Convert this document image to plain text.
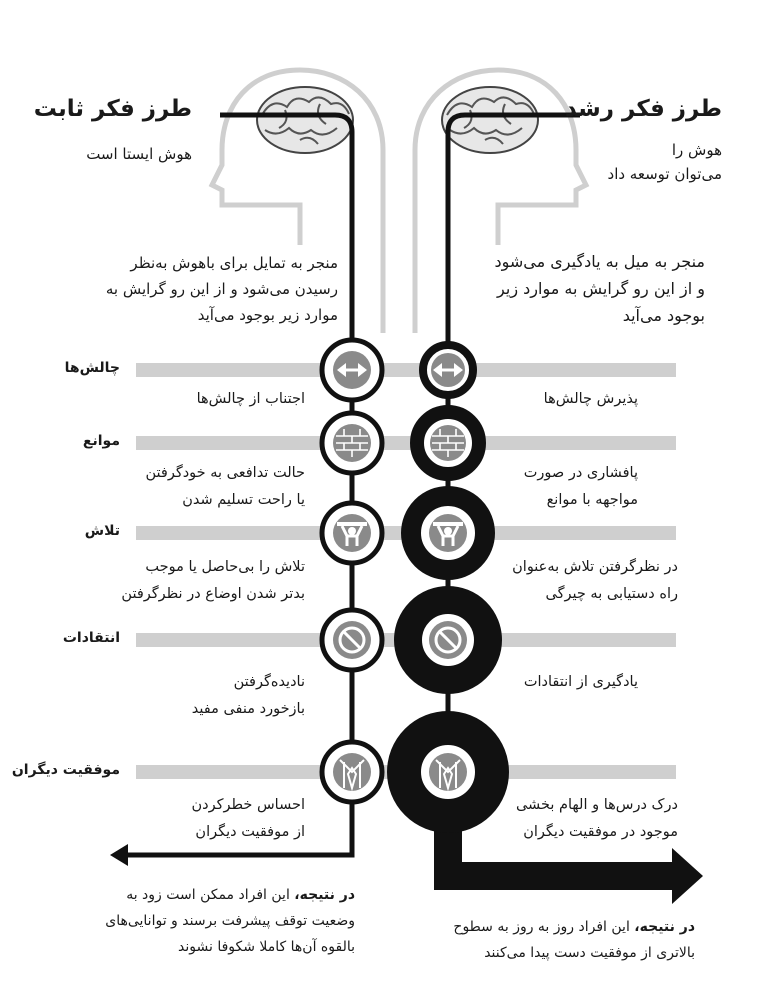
طرز فکر ثابت
هوش ایستا است
طرز فکر رشد
هوش را
می‌توان توسعه داد
منجر به تمایل برای باهوش به‌نظر
رسیدن می‌شود و از این رو گرایش به
موارد زیر بوجود می‌آید
منجر به میل به یادگیری می‌شود
و از این رو گرایش به موارد زیر
بوجود می‌آید
چالش‌ها
موانع
تلاش
انتقادات
موفقیت دیگران
اجتناب از چالش‌ها
حالت تدافعی به خودگرفتن
یا راحت تسلیم شدن
تلاش را بی‌حاصل یا موجب
بدتر شدن اوضاع در نظرگرفتن
نادیده‌گرفتن
بازخورد منفی مفید
احساس خطرکردن
از موفقیت دیگران
پذیرش چالش‌ها
پافشاری در صورت
مواجهه با موانع
در نظرگرفتن تلاش به‌عنوان
راه دستیابی به چیرگی
یادگیری از انتقادات
درک درس‌ها و الهام بخشی
موجود در موفقیت دیگران
در نتیجه، این افراد ممکن است زود به
وضعیت توقف پیشرفت برسند و توانایی‌های
بالقوه آن‌ها کاملا شکوفا نشوند
در نتیجه، این افراد روز به روز به سطوح
بالاتری از موفقیت دست پیدا می‌کنند
